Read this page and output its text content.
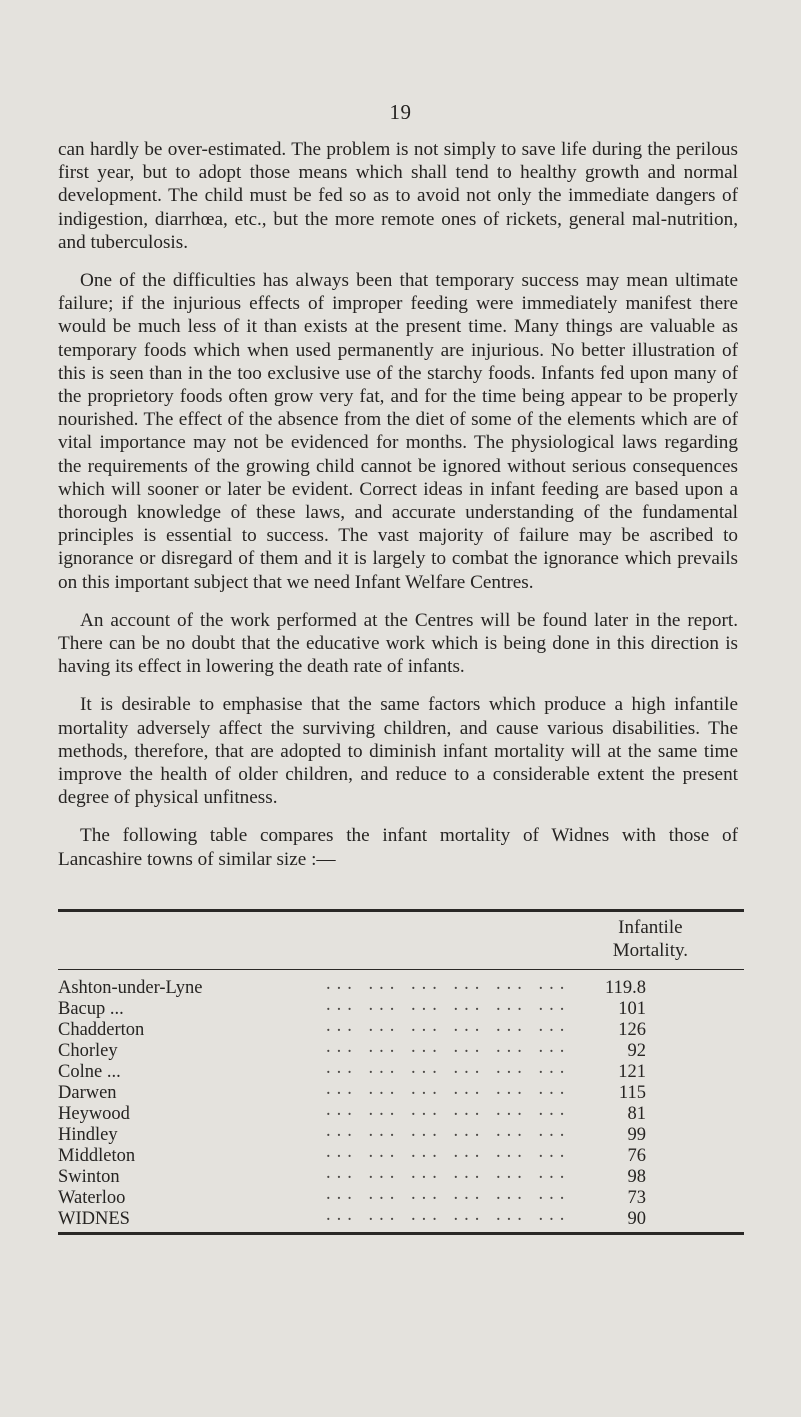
19

can hardly be over-estimated. The problem is not simply to save life during the perilous first year, but to adopt those means which shall tend to healthy growth and normal development. The child must be fed so as to avoid not only the immediate dangers of indigestion, diarrhœa, etc., but the more remote ones of rickets, general mal-nutrition, and tuberculosis.

One of the difficulties has always been that temporary success may mean ultimate failure; if the injurious effects of improper feeding were immediately manifest there would be much less of it than exists at the present time. Many things are valuable as temporary foods which when used permanently are injurious. No better illustration of this is seen than in the too exclusive use of the starchy foods. Infants fed upon many of the proprietory foods often grow very fat, and for the time being appear to be properly nourished. The effect of the absence from the diet of some of the elements which are of vital importance may not be evidenced for months. The physiological laws regarding the requirements of the growing child cannot be ignored without serious consequences which will sooner or later be evident. Correct ideas in infant feeding are based upon a thorough knowledge of these laws, and accurate understanding of the fundamental principles is essential to success. The vast majority of failure may be ascribed to ignorance or disregard of them and it is largely to combat the ignorance which prevails on this important subject that we need Infant Welfare Centres.

An account of the work performed at the Centres will be found later in the report. There can be no doubt that the educative work which is being done in this direction is having its effect in lowering the death rate of infants.

It is desirable to emphasise that the same factors which produce a high infantile mortality adversely affect the surviving children, and cause various disabilities. The methods, therefore, that are adopted to diminish infant mortality will at the same time improve the health of older children, and reduce to a considerable extent the present degree of physical unfitness.

The following table compares the infant mortality of Widnes with those of Lancashire towns of similar size :—

Infantile
Mortality.
Ashton-under-Lyne	... ... ... ... ... ... 119.8
Bacup ...	... ... ... ... ... ...	101
Chadderton	... ... ... ... ... ...	126
Chorley	... ... ... ... ... ...	92
Colne ...	... ... ... ... ... ...	121
Darwen	... ... ... ... ... ...	115
Heywood	... ... ... ... ... ...	81
Hindley	... ... ... ... ... ...	99
Middleton	... ... ... ... ... ...	76
Swinton	... ... ... ... ... ...	98
Waterloo	... ... ... ... ... ...	73
WIDNES	... ... ... ... ... ...	90
